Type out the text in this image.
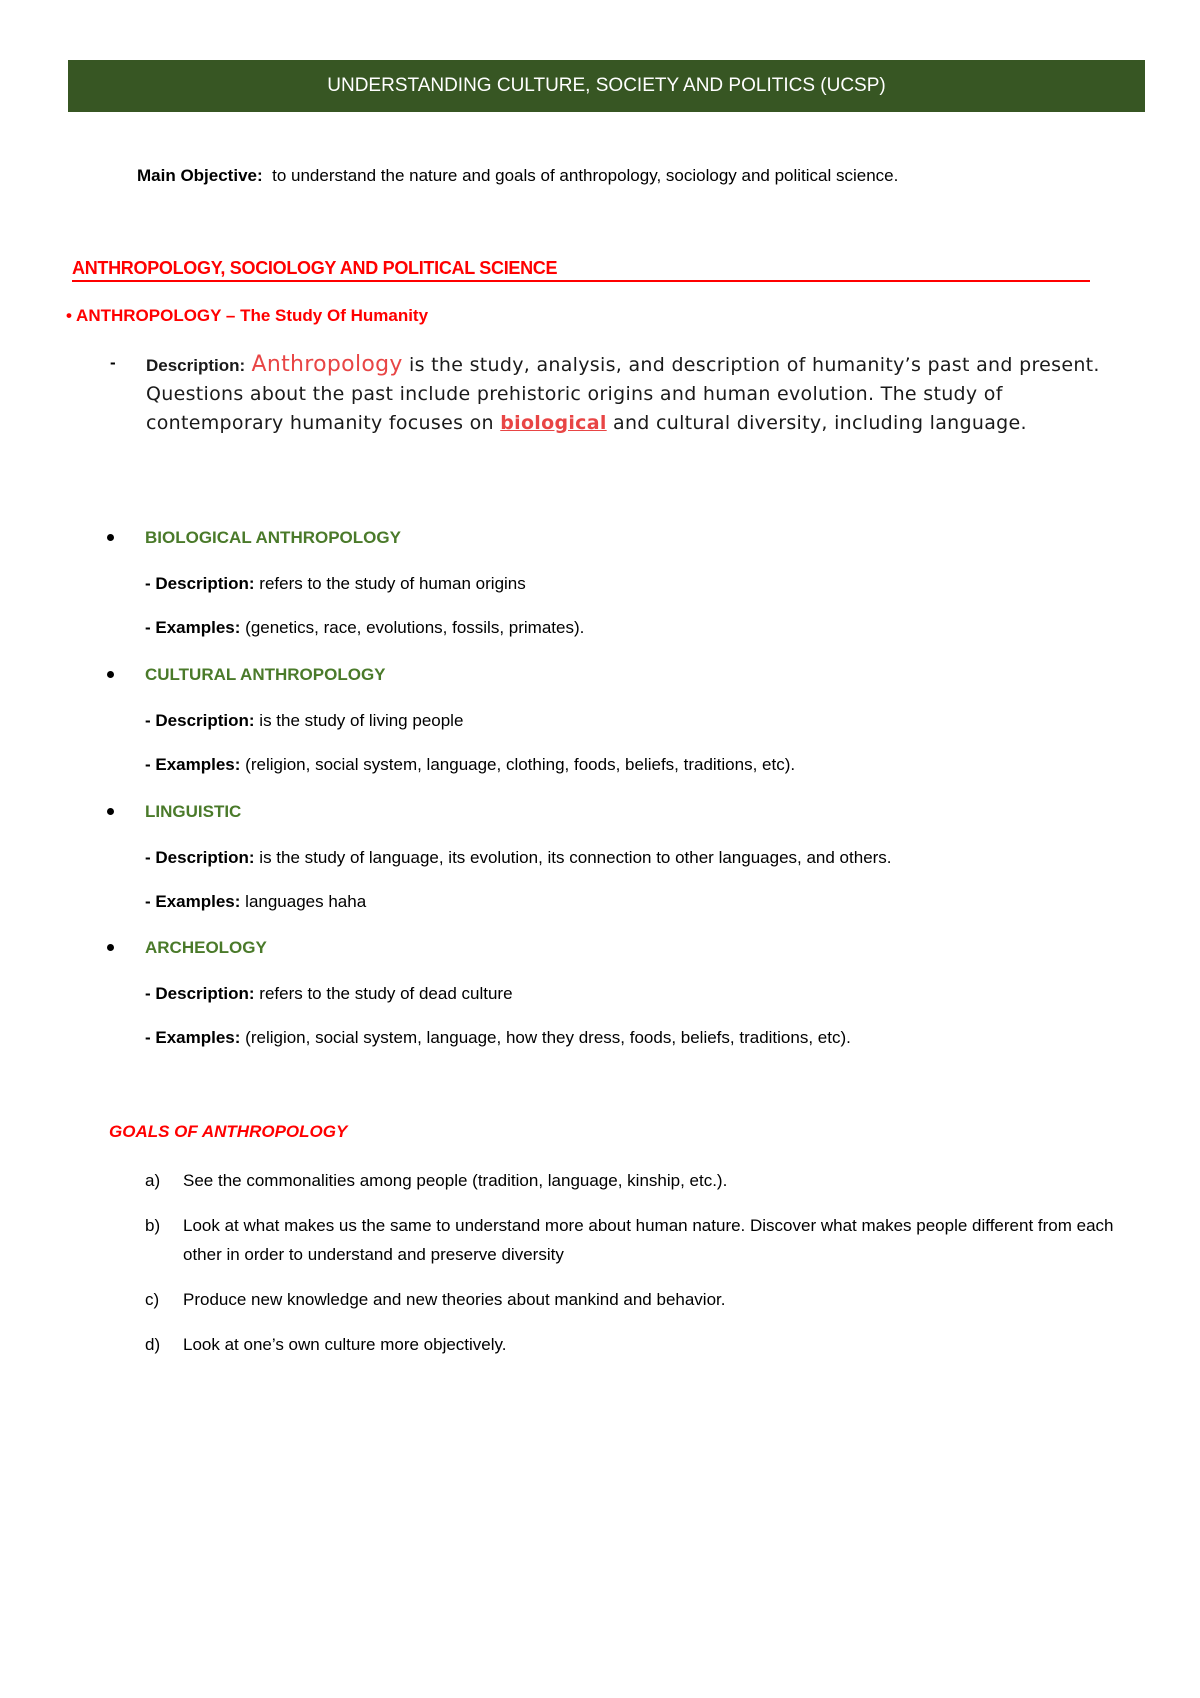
UNDERSTANDING CULTURE, SOCIETY AND POLITICS (UCSP)
Main Objective: to understand the nature and goals of anthropology, sociology and political science.
ANTHROPOLOGY, SOCIOLOGY AND POLITICAL SCIENCE
• ANTHROPOLOGY – The Study Of Humanity
- Description: Anthropology is the study, analysis, and description of humanity’s past and present. Questions about the past include prehistoric origins and human evolution. The study of contemporary humanity focuses on biological and cultural diversity, including language.
BIOLOGICAL ANTHROPOLOGY
- Description: refers to the study of human origins
- Examples: (genetics, race, evolutions, fossils, primates).
CULTURAL ANTHROPOLOGY
- Description: is the study of living people
- Examples: (religion, social system, language, clothing, foods, beliefs, traditions, etc).
LINGUISTIC
- Description: is the study of language, its evolution, its connection to other languages, and others.
- Examples: languages haha
ARCHEOLOGY
- Description: refers to the study of dead culture
- Examples: (religion, social system, language, how they dress, foods, beliefs, traditions, etc).
GOALS OF ANTHROPOLOGY
a) See the commonalities among people (tradition, language, kinship, etc.).
b) Look at what makes us the same to understand more about human nature. Discover what makes people different from each other in order to understand and preserve diversity
c) Produce new knowledge and new theories about mankind and behavior.
d) Look at one’s own culture more objectively.
